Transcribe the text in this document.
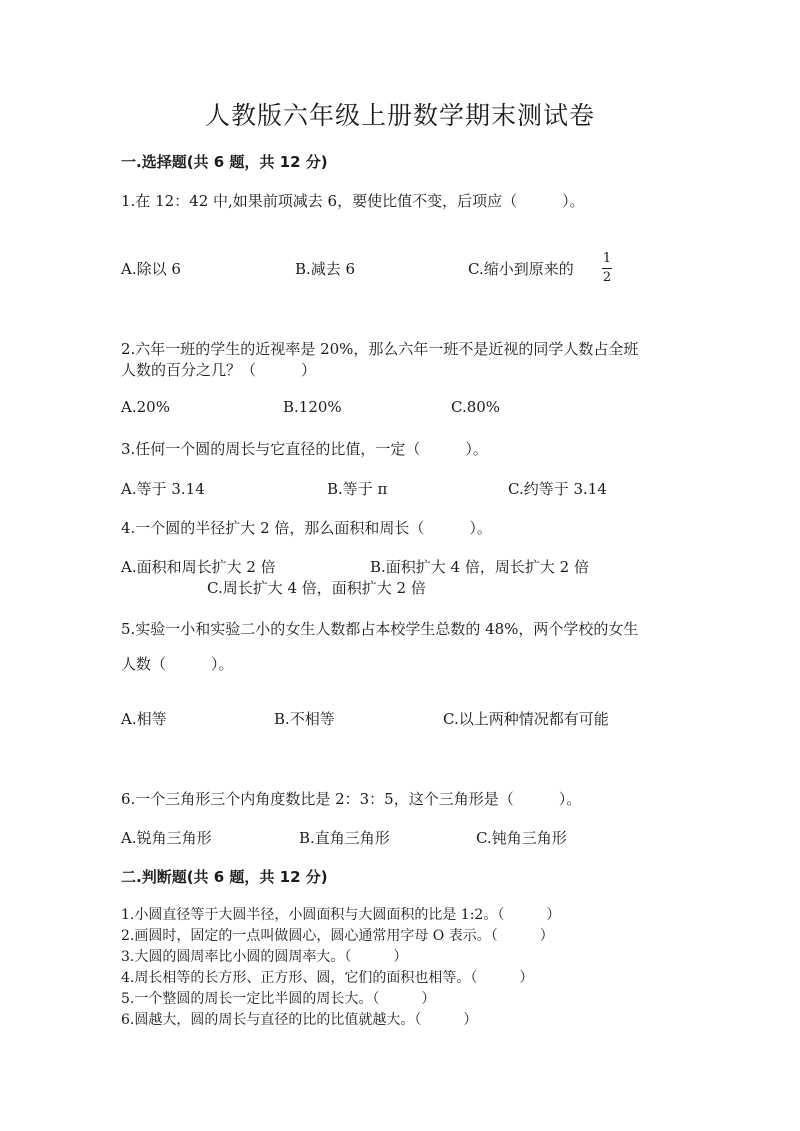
人教版六年级上册数学期末测试卷
一.选择题(共 6 题，共 12 分)
1.在 12：42 中,如果前项减去 6，要使比值不变，后项应（　　　）。
A.除以 6	B.减去 6	C.缩小到原来的
1
2
2.六年一班的学生的近视率是 20%，那么六年一班不是近视的同学人数占全班
人数的百分之几？（　　　）
A.20%	B.120%	C.80%
3.任何一个圆的周长与它直径的比值，一定（　　　）。
A.等于 3.14	B.等于 π	C.约等于 3.14
4.一个圆的半径扩大 2 倍，那么面积和周长（　　　）。
A.面积和周长扩大 2 倍	B.面积扩大 4 倍，周长扩大 2 倍
C.周长扩大 4 倍，面积扩大 2 倍
5.实验一小和实验二小的女生人数都占本校学生总数的 48%，两个学校的女生
人数（　　　）。
A.相等	B.不相等	C.以上两种情况都有可能
6.一个三角形三个内角度数比是 2：3：5，这个三角形是（　　　）。
A.锐角三角形	B.直角三角形	C.钝角三角形
二.判断题(共 6 题，共 12 分)
1.小圆直径等于大圆半径，小圆面积与大圆面积的比是 1:2。（　　　）
2.画圆时，固定的一点叫做圆心，圆心通常用字母 O 表示。（　　　）
3.大圆的圆周率比小圆的圆周率大。（　　　）
4.周长相等的长方形、正方形、圆，它们的面积也相等。（　　　）
5.一个整圆的周长一定比半圆的周长大。（　　　）
6.圆越大，圆的周长与直径的比的比值就越大。（　　　）
